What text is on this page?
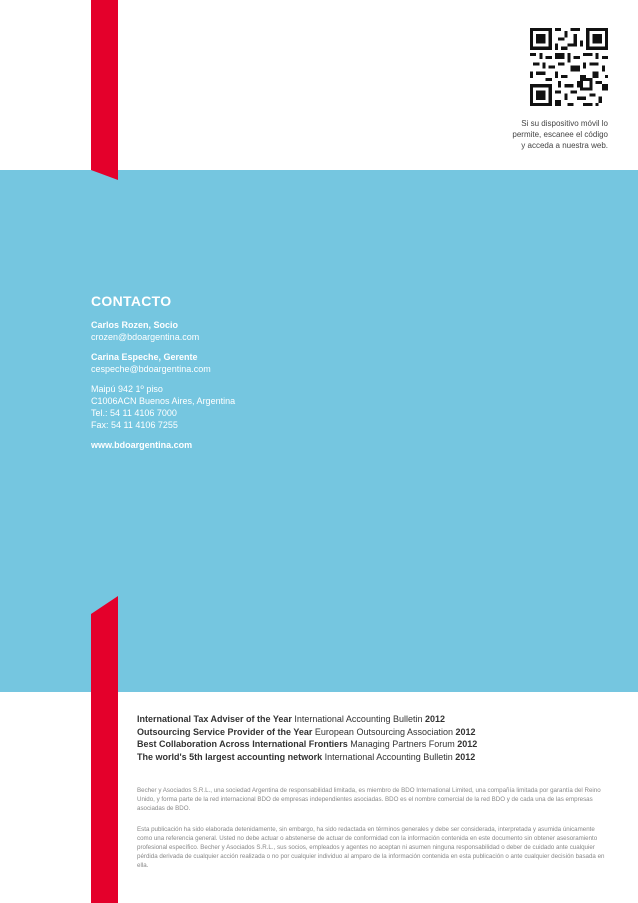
Si su dispositivo móvil lo
permite, escanee el código
y acceda a nuestra web.
CONTACTO
Carlos Rozen, Socio
crozen@bdoargentina.com
Carina Espeche, Gerente
cespeche@bdoargentina.com
Maipú 942 1º piso
C1006ACN Buenos Aires, Argentina
Tel.: 54 11 4106 7000
Fax: 54 11 4106 7255
www.bdoargentina.com
International Tax Adviser of the Year International Accounting Bulletin 2012
Outsourcing Service Provider of the Year European Outsourcing Association 2012
Best Collaboration Across International Frontiers Managing Partners Forum 2012
The world's 5th largest accounting network International Accounting Bulletin 2012
Becher y Asociados S.R.L., una sociedad Argentina de responsabilidad limitada, es miembro de BDO International Limited, una compañía limitada por garantía del Reino Unido, y forma parte de la red internacional BDO de empresas independientes asociadas. BDO es el nombre comercial de la red BDO y de cada una de las empresas asociadas de BDO.
Esta publicación ha sido elaborada detenidamente, sin embargo, ha sido redactada en términos generales y debe ser considerada, interpretada y asumida únicamente como una referencia general. Usted no debe actuar o abstenerse de actuar de conformidad con la información contenida en este documento sin obtener asesoramiento profesional específico. Becher y Asociados S.R.L., sus socios, empleados y agentes no aceptan ni asumen ninguna responsabilidad o deber de cuidado ante cualquier pérdida derivada de cualquier acción realizada o no por cualquier individuo al amparo de la información contenida en esta publicación o ante cualquier decisión basada en ella.
